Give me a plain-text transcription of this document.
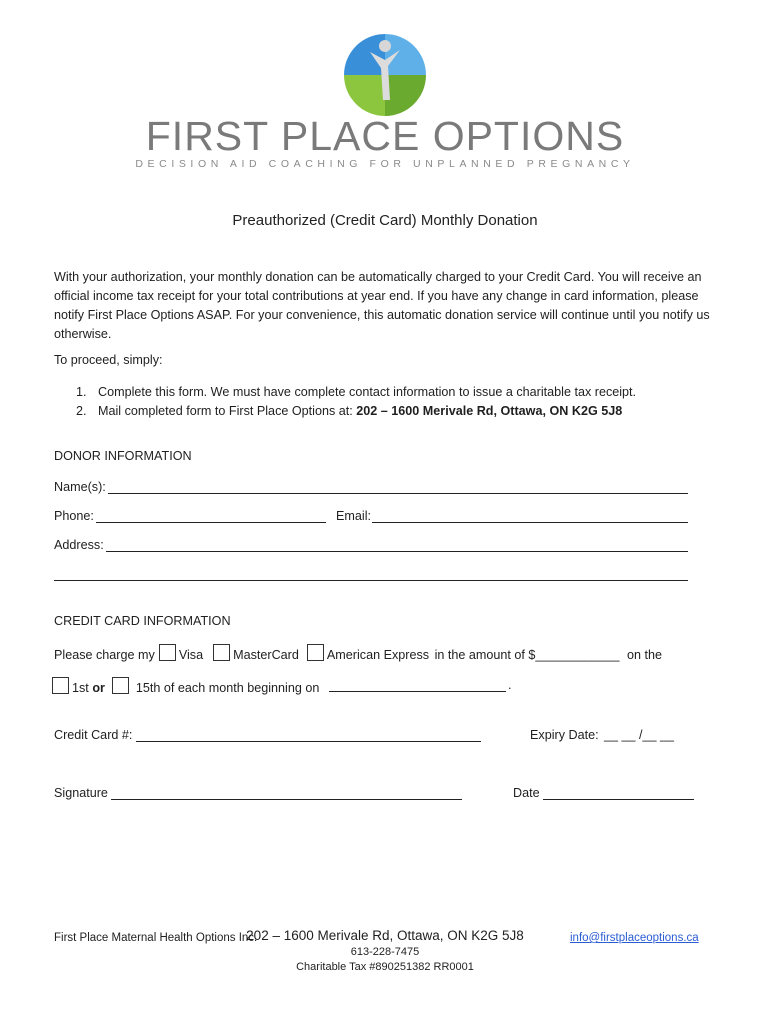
FIRST PLACE OPTIONS
DECISION AID COACHING FOR UNPLANNED PREGNANCY
Preauthorized (Credit Card) Monthly Donation
With your authorization, your monthly donation can be automatically charged to your Credit Card. You will receive an official income tax receipt for your total contributions at year end. If you have any change in card information, please notify First Place Options ASAP. For your convenience, this automatic donation service will continue until you notify us otherwise.
To proceed, simply:
1. Complete this form. We must have complete contact information to issue a charitable tax receipt.
2. Mail completed form to First Place Options at: 202 – 1600 Merivale Rd, Ottawa, ON K2G 5J8
DONOR INFORMATION
Name(s):
Phone:	Email:
Address:
CREDIT CARD INFORMATION
Please charge my Visa MasterCard American Express in the amount of $____________ on the
1st or 15th of each month beginning on	.
Credit Card #:	Expiry Date: __ __ /__ __
Signature	Date
First Place Maternal Health Options Inc.
202 – 1600 Merivale Rd, Ottawa, ON K2G 5J8
613-228-7475
Charitable Tax #890251382 RR0001
info@firstplaceoptions.ca
